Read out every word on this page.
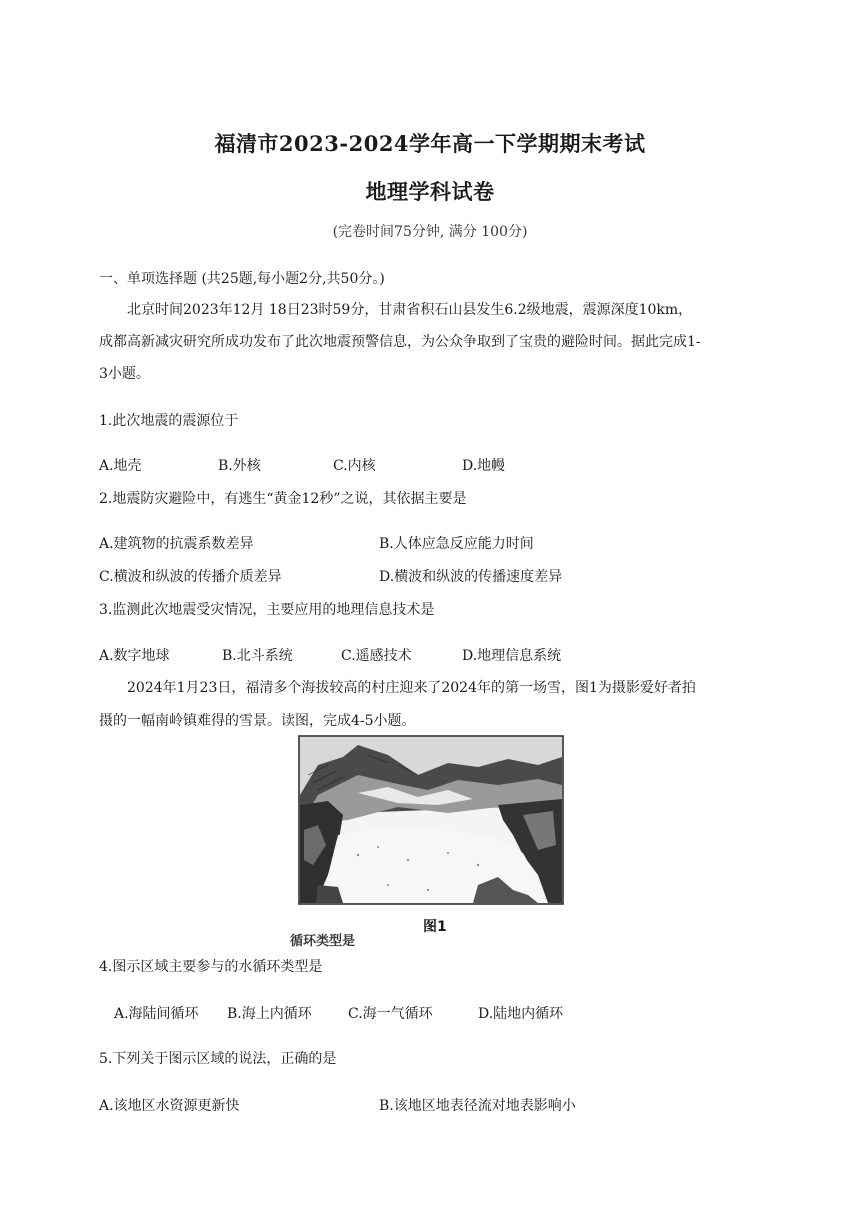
福清市2023-2024学年高一下学期期末考试
地理学科试卷
(完卷时间75分钟, 满分 100分)
一、单项选择题 (共25题,每小题2分,共50分。)
北京时间2023年12月 18日23时59分，甘肃省积石山县发生6.2级地震，震源深度10km，
成都高新减灾研究所成功发布了此次地震预警信息，为公众争取到了宝贵的避险时间。据此完成1-
3小题。
1.此次地震的震源位于
A.地壳	B.外核	C.内核	D.地幔
2.地震防灾避险中，有逃生“黄金12秒”之说，其依据主要是
A.建筑物的抗震系数差异	B.人体应急反应能力时间
C.横波和纵波的传播介质差异	D.横波和纵波的传播速度差异
3.监测此次地震受灾情况，主要应用的地理信息技术是
A.数字地球	B.北斗系统	C.遥感技术	D.地理信息系统
2024年1月23日，福清多个海拔较高的村庄迎来了2024年的第一场雪，图1为摄影爱好者拍
摄的一幅南岭镇难得的雪景。读图，完成4-5小题。
图1
循环类型是
4.图示区域主要参与的水循环类型是
A.海陆间循环 B.海上内循环	C.海一气循环	D.陆地内循环
5.下列关于图示区域的说法，正确的是
A.该地区水资源更新快	B.该地区地表径流对地表影响小
